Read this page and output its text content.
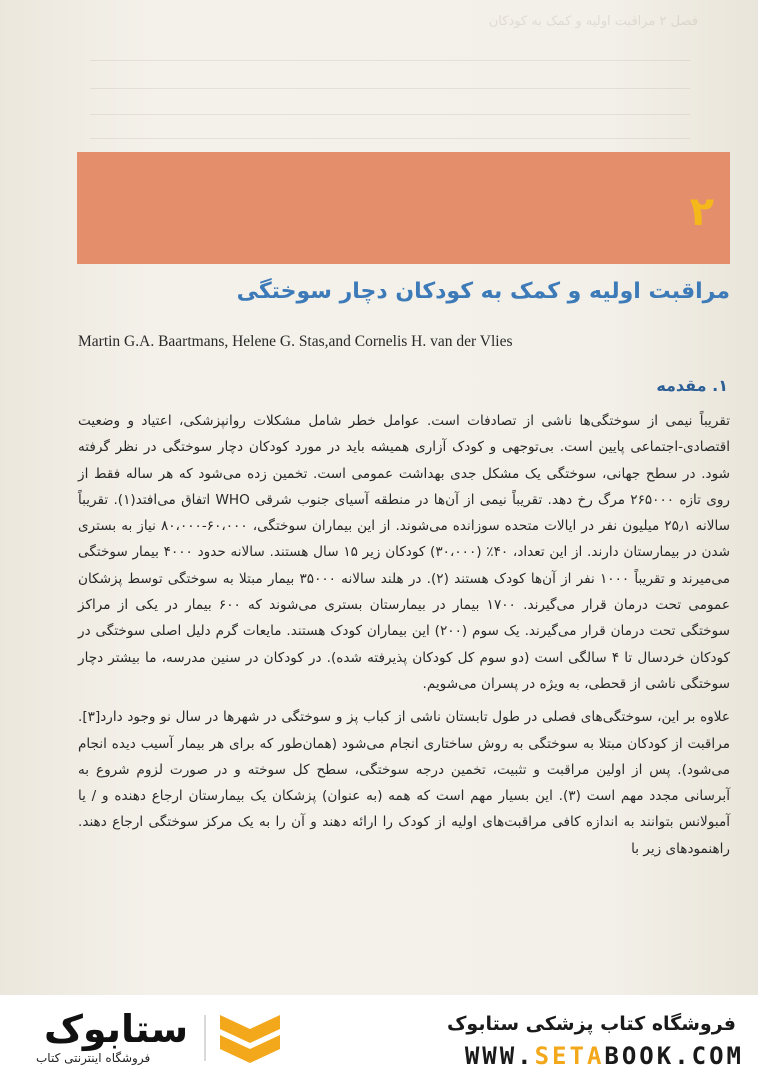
فصل ۲ مراقبت اولیه و کمک به کودکان
۲
مراقبت اولیه و کمک به کودکان دچار سوختگی
Martin G.A. Baartmans, Helene G. Stas,and Cornelis H. van der Vlies
۱. مقدمه

تقریباً نیمی از سوختگی‌ها ناشی از تصادفات است. عوامل خطر شامل مشکلات روانپزشکی، اعتیاد و وضعیت اقتصادی-اجتماعی پایین است. بی‌توجهی و کودک آزاری همیشه باید در مورد کودکان دچار سوختگی در نظر گرفته شود. در سطح جهانی، سوختگی یک مشکل جدی بهداشت عمومی است. تخمین زده می‌شود که هر ساله فقط از روی تازه ۲۶۵۰۰۰ مرگ رخ دهد. تقریباً نیمی از آن‌ها در منطقه آسیای جنوب شرقی WHO اتفاق می‌افتد(۱). تقریباً سالانه ۲۵٫۱ میلیون نفر در ایالات متحده سوزانده می‌شوند. از این بیماران سوختگی، ۶۰،۰۰۰-۸۰،۰۰۰ نیاز به بستری شدن در بیمارستان دارند. از این تعداد، ۴۰٪ (۳۰،۰۰۰) کودکان زیر ۱۵ سال هستند. سالانه حدود ۴۰۰۰ بیمار سوختگی می‌میرند و تقریباً ۱۰۰۰ نفر از آن‌ها کودک هستند (۲). در هلند سالانه ۳۵۰۰۰ بیمار مبتلا به سوختگی توسط پزشکان عمومی تحت درمان قرار می‌گیرند. ۱۷۰۰ بیمار در بیمارستان بستری می‌شوند که ۶۰۰ بیمار در یکی از مراکز سوختگی تحت درمان قرار می‌گیرند. یک سوم (۲۰۰) این بیماران کودک هستند. مایعات گرم دلیل اصلی سوختگی در کودکان خردسال تا ۴ سالگی است (دو سوم کل کودکان پذیرفته شده). در کودکان در سنین مدرسه، ما بیشتر دچار سوختگی ناشی از قحطی، به ویژه در پسران می‌شویم.

علاوه بر این، سوختگی‌های فصلی در طول تابستان ناشی از کباب پز و سوختگی در شهرها در سال نو وجود دارد[۳]. مراقبت از کودکان مبتلا به سوختگی به روش ساختاری انجام می‌شود (همان‌طور که برای هر بیمار آسیب دیده انجام می‌شود). پس از اولین مراقبت و تثبیت، تخمین درجه سوختگی، سطح کل سوخته و در صورت لزوم شروع به آبرسانی مجدد مهم است (۳). این بسیار مهم است که همه (به عنوان) پزشکان یک بیمارستان ارجاع دهنده و / یا آمبولانس بتوانند به اندازه کافی مراقبت‌های اولیه از کودک را ارائه دهند و آن را به یک مرکز سوختگی ارجاع دهند. راهنمودهای زیر با

ستابوک
فروشگاه اینترنتی کتاب
فروشگاه کتاب پزشکی ستابوک
WWW.SETABOOK.COM
